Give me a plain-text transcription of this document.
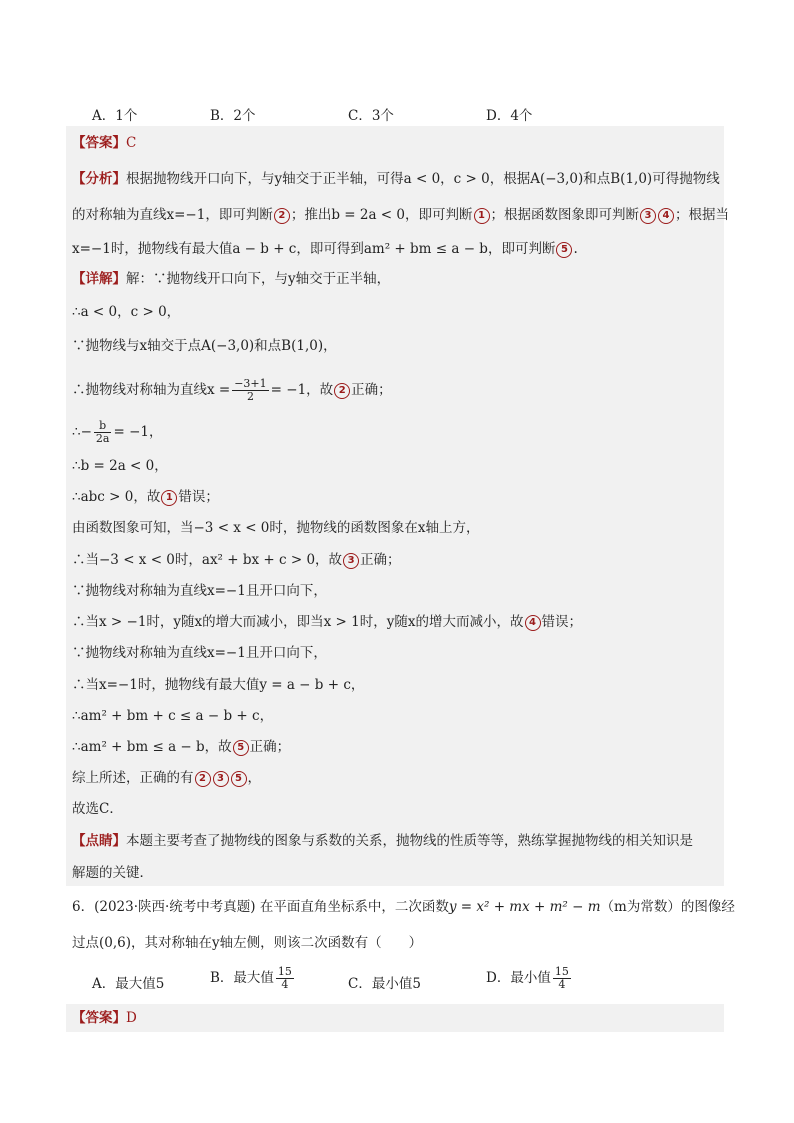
A．1个	B．2个	C．3个	D．4个
【答案】C
【分析】根据抛物线开口向下，与y轴交于正半轴，可得a < 0，c > 0，根据A(−3,0)和点B(1,0)可得抛物线
的对称轴为直线x=−1，即可判断 2 ；推出b = 2a < 0，即可判断 1 ；根据函数图象即可判断 3 4 ；根据当
x=−1时，抛物线有最大值a − b + c，即可得到am² + bm ≤ a − b，即可判断 5 .
【详解】解：∵抛物线开口向下，与y轴交于正半轴，
∴a < 0，c > 0，
∵抛物线与x轴交于点A(−3,0)和点B(1,0)，
∴抛物线对称轴为直线$x = \frac{-3+1}{2} = -1$，故 2 正确；
∴− $\frac{b}{2a} = -1$，
∴b = 2a < 0，
∴abc > 0，故 1 错误；
由函数图象可知，当−3 < x < 0时，抛物线的函数图象在x轴上方，
∴当−3 < x < 0时，ax² + bx + c > 0，故 3 正确；
∵抛物线对称轴为直线x=−1且开口向下，
∴当x > −1时，y随x的增大而减小，即当x > 1时，y随x的增大而减小，故 4 错误；
∵抛物线对称轴为直线x=−1且开口向下，
∴当x=−1时，抛物线有最大值y = a − b + c，
∴am² + bm + c ≤ a − b + c，
∴am² + bm ≤ a − b，故 5 正确；
综上所述，正确的有 2 3 5 ，
故选C．
【点睛】本题主要考查了抛物线的图象与系数的关系，抛物线的性质等等，熟练掌握抛物线的相关知识是
解题的关键．
6．(2023·陕西·统考中考真题) 在平面直角坐标系中，二次函数y = x² + mx + m² − m（m为常数）的图像经
过点(0,6)，其对称轴在y轴左侧，则该二次函数有（　　）
A．最大值5	B．最大值 $\frac{15}{4}$	C．最小值5	D．最小值 $\frac{15}{4}$
【答案】D
